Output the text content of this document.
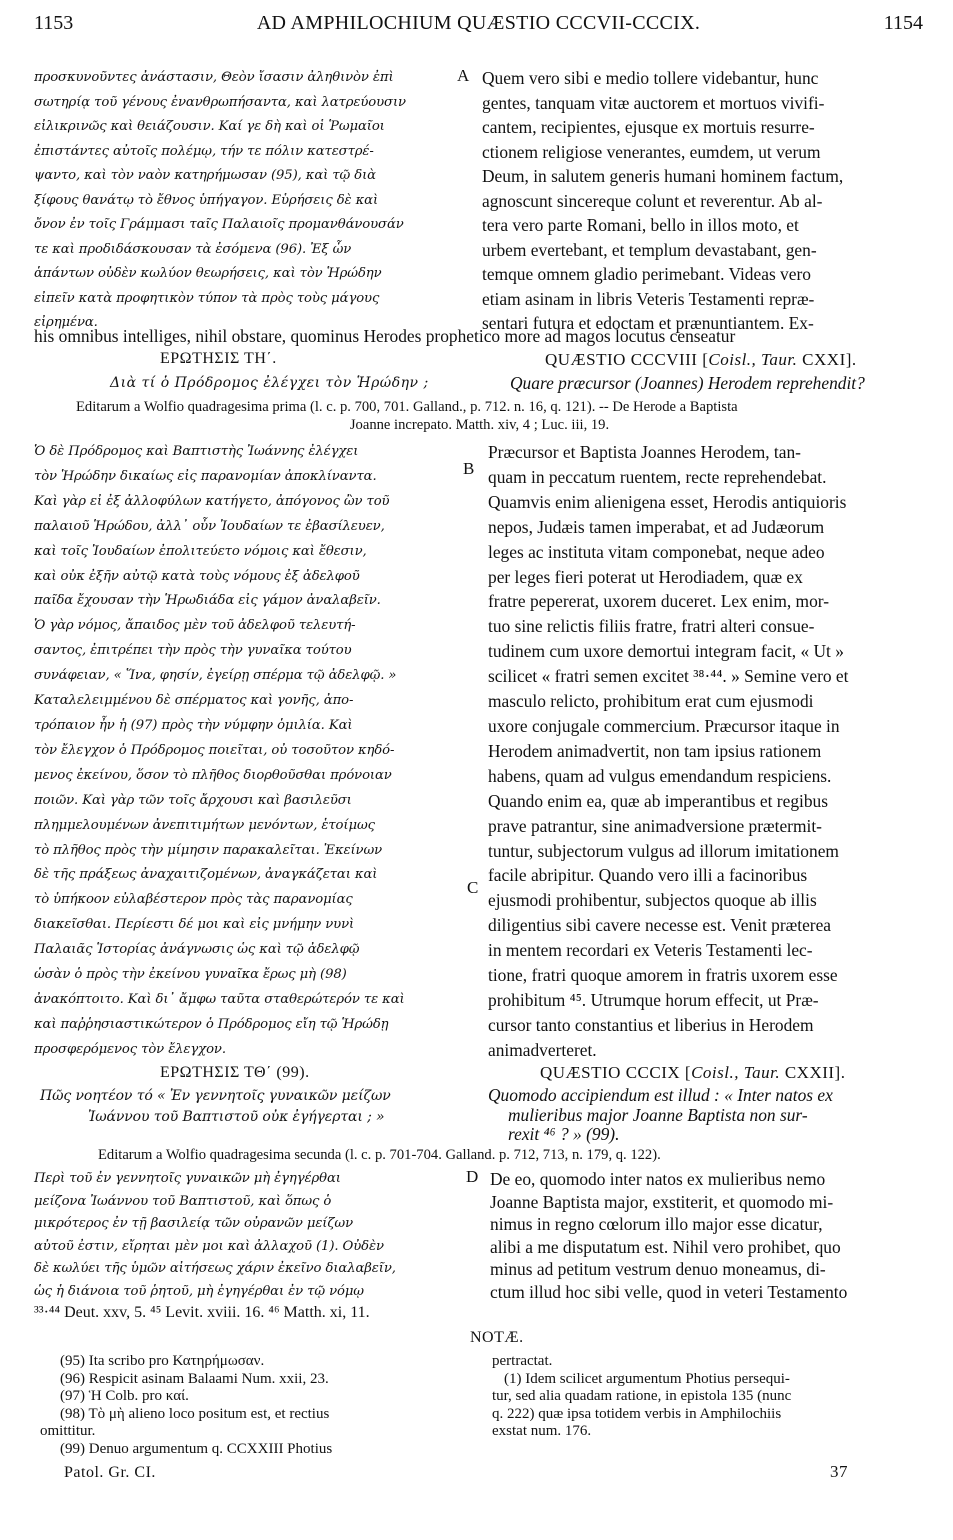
1153	AD AMPHILOCHIUM QUÆSTIO CCCVII-CCCIX.	1154
A
B
C
D
προσκυνοῦντες ἀνάστασιν, Θεὸν ἴσασιν ἀληθινὸν ἐπὶ
σωτηρίᾳ τοῦ γένους ἐνανθρωπήσαντα, καὶ λατρεύουσιν
εἰλικρινῶς καὶ θειάζουσιν. Καί γε δὴ καὶ οἱ Ῥωμαῖοι
ἐπιστάντες αὐτοῖς πολέμῳ, τήν τε πόλιν κατεστρέ-
ψαντο, καὶ τὸν ναὸν κατηρήμωσαν (95), καὶ τῷ διὰ
ξίφους θανάτῳ τὸ ἔθνος ὑπήγαγον. Εὑρήσεις δὲ καὶ
ὄνον ἐν τοῖς Γράμμασι ταῖς Παλαιοῖς προμανθάνουσάν
τε καὶ προδιδάσκουσαν τὰ ἐσόμενα (96). Ἐξ ὧν
ἁπάντων οὐδὲν κωλύον θεωρήσεις, καὶ τὸν Ἡρώδην
εἰπεῖν κατὰ προφητικὸν τύπον τὰ πρὸς τοὺς μάγους
εἰρημένα.
Quem vero sibi e medio tollere videbantur, hunc
gentes, tanquam vitæ auctorem et mortuos vivifi-
cantem, recipientes, ejusque ex mortuis resurre-
ctionem religiose venerantes, eumdem, ut verum
Deum, in salutem generis humani hominem factum,
agnoscunt sincereque colunt et reverentur. Ab al-
tera vero parte Romani, bello in illos moto, et
urbem evertebant, et templum devastabant, gen-
temque omnem gladio perimebant. Videas vero
etiam asinam in libris Veteris Testamenti repræ-
sentari futura et edoctam et prænuntiantem. Ex-
his omnibus intelliges, nihil obstare, quominus Herodes prophetico more ad magos locutus censeatur
ΕΡΩΤΗΣΙΣ ΤΗ΄.	QUÆSTIO CCCVIII [Coisl., Taur. CXXI].
Διὰ τί ὁ Πρόδρομος ἐλέγχει τὸν Ἡρώδην ;	Quare præcursor (Joannes) Herodem reprehendit?
Editarum a Wolfio quadragesima prima (l. c. p. 700, 701. Galland., p. 712. n. 16, q. 121). -- De Herode a Baptista
Joanne increpato. Matth. xiv, 4 ; Luc. iii, 19.
Ὁ δὲ Πρόδρομος καὶ Βαπτιστὴς Ἰωάννης ἐλέγχει
τὸν Ἡρώδην δικαίως εἰς παρανομίαν ἀποκλίναντα.
Καὶ γὰρ εἰ ἐξ ἀλλοφύλων κατήγετο, ἀπόγονος ὢν τοῦ
παλαιοῦ Ἡρώδου, ἀλλ᾽ οὖν Ἰουδαίων τε ἐβασίλευεν,
καὶ τοῖς Ἰουδαίων ἐπολιτεύετο νόμοις καὶ ἔθεσιν,
καὶ οὐκ ἐξῆν αὐτῷ κατὰ τοὺς νόμους ἐξ ἀδελφοῦ
παῖδα ἔχουσαν τὴν Ἡρωδιάδα εἰς γάμον ἀναλαβεῖν.
Ὁ γὰρ νόμος, ἄπαιδος μὲν τοῦ ἀδελφοῦ τελευτή-
σαντος, ἐπιτρέπει τὴν πρὸς τὴν γυναῖκα τούτου
συνάφειαν, « Ἵνα, φησίν, ἐγείρῃ σπέρμα τῷ ἀδελφῷ. »
Καταλελειμμένου δὲ σπέρματος καὶ γονῆς, ἀπο-
τρόπαιον ἦν ἡ (97) πρὸς τὴν νύμφην ὁμιλία. Καὶ
τὸν ἔλεγχον ὁ Πρόδρομος ποιεῖται, οὐ τοσοῦτον κηδό-
μενος ἐκείνου, ὅσον τὸ πλῆθος διορθοῦσθαι πρόνοιαν
ποιῶν. Καὶ γὰρ τῶν τοῖς ἄρχουσι καὶ βασιλεῦσι
πλημμελουμένων ἀνεπιτιμήτων μενόντων, ἑτοίμως
τὸ πλῆθος πρὸς τὴν μίμησιν παρακαλεῖται. Ἐκείνων
δὲ τῆς πράξεως ἀναχαιτιζομένων, ἀναγκάζεται καὶ
τὸ ὑπήκοον εὐλαβέστερον πρὸς τὰς παρανομίας
διακεῖσθαι. Περίεστι δέ μοι καὶ εἰς μνήμην νυνὶ
Παλαιᾶς Ἱστορίας ἀνάγνωσις ὡς καὶ τῷ ἀδελφῷ
ὡσὰν ὁ πρὸς τὴν ἐκείνου γυναῖκα ἔρως μὴ (98)
ἀνακόπτοιτο. Καὶ δι᾽ ἄμφω ταῦτα σταθερώτερόν τε καὶ
καὶ παῤῥησιαστικώτερον ὁ Πρόδρομος εἴη τῷ Ἡρώδῃ
προσφερόμενος τὸν ἔλεγχον.
Præcursor et Baptista Joannes Herodem, tan-
quam in peccatum ruentem, recte reprehendebat.
Quamvis enim alienigena esset, Herodis antiquioris
nepos, Judæis tamen imperabat, et ad Judæorum
leges ac instituta vitam componebat, neque adeo
per leges fieri poterat ut Herodiadem, quæ ex
fratre pepererat, uxorem duceret. Lex enim, mor-
tuo sine relictis filiis fratre, fratri alteri consue-
tudinem cum uxore demortui integram facit, « Ut »
scilicet « fratri semen excitet ³⁸·⁴⁴. » Semine vero et
masculo relicto, prohibitum erat cum ejusmodi
uxore conjugale commercium. Præcursor itaque in
Herodem animadvertit, non tam ipsius rationem
habens, quam ad vulgus emendandum respiciens.
Quando enim ea, quæ ab imperantibus et regibus
prave patrantur, sine animadversione prætermit-
tuntur, subjectorum vulgus ad illorum imitationem
facile abripitur. Quando vero illi a facinoribus
ejusmodi prohibentur, subjectos quoque ab illis
diligentius sibi cavere necesse est. Venit præterea
in mentem recordari ex Veteris Testamenti lec-
tione, fratri quoque amorem in fratris uxorem esse
prohibitum ⁴⁵. Utrumque horum effecit, ut Præ-
cursor tanto constantius et liberius in Herodem
animadverteret.
ΕΡΩΤΗΣΙΣ ΤΘ΄ (99).	QUÆSTIO CCCIX [Coisl., Taur. CXXII].
Πῶς νοητέον τό « Ἐν γεννητοῖς γυναικῶν μείζων
Ἰωάννου τοῦ Βαπτιστοῦ οὐκ ἐγήγερται ; »
Quomodo accipiendum est illud : « Inter natos ex
mulieribus major Joanne Baptista non sur-
rexit ⁴⁶ ? » (99).
Editarum a Wolfio quadragesima secunda (l. c. p. 701-704. Galland. p. 712, 713, n. 179, q. 122).
Περὶ τοῦ ἐν γεννητοῖς γυναικῶν μὴ ἐγηγέρθαι
μείζονα Ἰωάννου τοῦ Βαπτιστοῦ, καὶ ὅπως ὁ
μικρότερος ἐν τῇ βασιλείᾳ τῶν οὐρανῶν μείζων
αὐτοῦ ἐστιν, εἴρηται μὲν μοι καὶ ἀλλαχοῦ (1). Οὐδὲν
δὲ κωλύει τῆς ὑμῶν αἰτήσεως χάριν ἐκεῖνο διαλαβεῖν,
ὡς ἡ διάνοια τοῦ ῥητοῦ, μὴ ἐγηγέρθαι ἐν τῷ νόμῳ
De eo, quomodo inter natos ex mulieribus nemo
Joanne Baptista major, exstiterit, et quomodo mi-
nimus in regno cœlorum illo major esse dicatur,
alibi a me disputatum est. Nihil vero prohibet, quo
minus ad petitum vestrum denuo moneamus, di-
ctum illud hoc sibi velle, quod in veteri Testamento
³³·⁴⁴ Deut. xxv, 5. ⁴⁵ Levit. xviii. 16. ⁴⁶ Matth. xi, 11.
NOTÆ.
(95) Ita scribo pro Κατηρήμωσαν.
(96) Respicit asinam Balaami Num. xxii, 23.
(97) Ἡ Colb. pro καί.
(98) Τὸ μὴ alieno loco positum est, et rectius
omittitur.
(99) Denuo argumentum q. CCXXIII Photius
pertractat.
(1) Idem scilicet argumentum Photius persequi-
tur, sed alia quadam ratione, in epistola 135 (nunc
q. 222) quæ ipsa totidem verbis in Amphilochiis
exstat num. 176.
Patol. Gr. CI.	37
